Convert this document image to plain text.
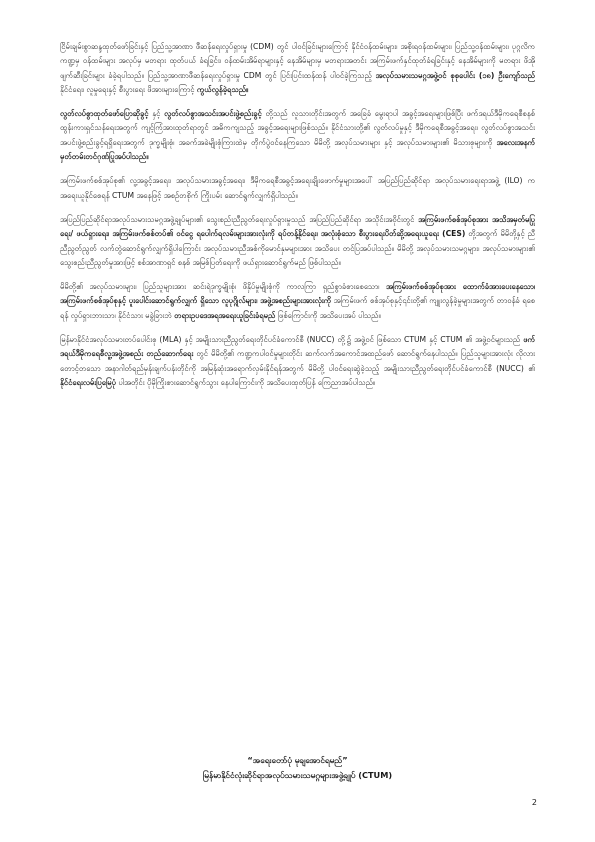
ငြိမ်းချမ်းစွာဆန္ဒထုတ်ဖော်ခြင်းနှင့် ပြည်သူ့အာဏာ ဖီဆန်ရေးလှုပ်ရှားမှု (CDM) တွင် ပါဝင်ခြင်းများကြောင့် နိုင်ငံဝန်ထမ်းများ၊ အစိုးရဝန်ထမ်းများ၊ ပြည်သူ့ဝန်ထမ်းများ၊ ပုဂ္ဂလိကကဏ္ဍမှ ဝန်ထမ်းများ အလုပ်မှ မတရား ထုတ်ပယ် ခံရခြင်း၊ ဝန်ထမ်းအိမ်ရာများနှင့် နေအိမ်များမှ မတရားအတင်း အကြမ်းဖက်နှင်ထုတ်ခံရခြင်းနှင့် နေအိမ်များကို မတရား ဖိအိုဖျက်ဆီးခြင်းများ ခံခဲ့ရပါသည်။ ပြည်သူ့အာဏာဖီဆန်ရေးလှုပ်ရှားမှု CDM တွင် ပြင်းပြင်းထန်ထန် ပါဝင်ခဲ့ကြသည့် အလုပ်သမားသမဂ္ဂအဖွဲ့ဝင် စုစုပေါင်း (၁၈) ဦးကျော်သည် နိုင်ငံရေး၊ လူမှုရေးနှင့် စီးပွားရေး ဖိအားများကြောင့် ကွယ်လွန်ခဲ့ရသည်။

လွတ်လပ်စွာထုတ်ဖော်ပြောဆိုခွင့် နှင့် လွတ်လပ်စွာအသင်းအပင်းဖွဲ့စည်းခွင့် တို့သည် လူသားတိုင်းအတွက် အခြေခံ မွေးရာပါ အခွင့်အရေးများဖြစ်ပြီး ဖက်ဒရယ်ဒီမိုကရေစီစနစ် ထွန်းကားရှင်သန်ရေးအတွက် ကျင့်ကြံအားထုတ်ရာတွင် အဓိကကျသည့် အခွင့်အရေးများဖြစ်သည်။ နိုင်ငံသားတို့၏ လွတ်လပ်မှုနှင့် ဒီမိုကရေစီအခွင့်အရေး၊ လွတ်လပ်စွာအသင်း အပင်းဖွဲ့စည်းခွင့်ရရှိရေးအတွက် ဒုက္ခမျိုးစုံ၊ အခက်အခဲမျိုးစုံကြားထဲမှ တိုက်ပွဲဝင်နေကြသော မိမိတို့ အလုပ်သမားများ နှင့် အလုပ်သမားများ၏ မိသားစုများကို အလေးအနက် မှတ်တမ်းတင်ဂုဏ်ပြုအပ်ပါသည်။

အကြမ်းဖက်စစ်အုပ်စု၏ လူ့အခွင့်အရေး၊ အလုပ်သမားအခွင့်အရေး၊ ဒီမိုကရေစီအခွင့်အရေးချိုးဖောက်မှုများအပေါ် အပြည်ပြည်ဆိုင်ရာ အလုပ်သမားရေးရာအဖွဲ့ (ILO) က အရေးယူနိုင်စေရန် CTUM အနေဖြင့် အစဉ်တစိုက် ကြိုးပမ်း ဆောင်ရွက်လျှက်ရှိပါသည်။

အပြည်ပြည်ဆိုင်ရာအလုပ်သမားသမဂ္ဂအဖွဲ့ချုပ်များ၏ သွေးစည်းညီညွတ်ရေးလှုပ်ရှားမှုသည် အပြည်ပြည်ဆိုင်ရာ အသိုင်းအဝိုင်းတွင် အကြမ်းဖက်စစ်အုပ်စုအား အသိအမှတ်မပြုရေး/ ဖယ်ရှားရေး၊ အကြမ်းဖက်စစ်တပ်၏ ဝင်ငွေ ရပေါက်ရလမ်းများအားလုံးကို ရပ်တန့်နိုင်ရေး၊ အလုံးစုံသော စီးပွားရေးပိတ်ဆို့အရေးယူရေး (CES) တို့အတွက် မိမိတို့နှင့် ညီညီညွတ်ညွတ် လက်တွဲဆောင်ရွက်လျှက်ရှိပါကြောင်း အလုပ်သမားညီအစ်ကိုမောင်နှမများအား အသိပေး တင်ပြအပ်ပါသည်။ မိမိတို့ အလုပ်သမားသမဂ္ဂများ၊ အလုပ်သမားများ၏ သွေးစည်းညီညွတ်မှုအားဖြင့် စစ်အာဏာရှင် စနစ် အမြစ်ပြတ်ရေးကို ဖယ်ရှားဆောင်ရွက်မည် ဖြစ်ပါသည်။

မိမိတို့၏ အလုပ်သမားများ၊ ပြည်သူများအား ဆင်းရဲဒုက္ခမျိုးစုံ၊ ဖိနှိပ်မှုမျိုးစုံကို ကာလကြာ ရှည်စွာခံစားစေသော၊ အကြမ်းဖက်စစ်အုပ်စုအား ထောက်ခံအားပေးနေသော၊ အကြမ်းဖက်စစ်အုပ်စုနှင့် ပူးပေါင်းဆောင်ရွက်လျှက် ရှိသော လူပုဂ္ဂိုလ်များ၊ အဖွဲ့အစည်းများအားလုံးကို အကြမ်းဖက် စစ်အုပ်စုနှင့်၎င်းတို့၏ ကျူးလွန်ခဲ့မှုများအတွက် တာဝန်ခံ ရစေရန် လှုပ်ရှားဘားသာ၊ နိုင်ငံသား မခွဲခြားဘဲ တရားဥပဒေအရအရေးယူခြင်းခံရမည် ဖြစ်ကြောင်းကို အသိပေးအပ် ပါသည်။

မြန်မာနိုင်ငံအလုပ်သမားတပ်ပေါင်းစု (MLA) နှင့် အမျိုးသားညီညွတ်ရေးတိုင်ပင်ခံကောင်စီ (NUCC) တို့၌ အဖွဲ့ဝင် ဖြစ်သော CTUM နှင့် CTUM ၏ အဖွဲ့ဝင်များသည် ဖက်ဒရယ်ဒီမိုကရေစီလူ့အဖွဲ့အစည်း တည်ဆောက်ရေး တွင် မိမိတို့၏ ကဏ္ဍကပါဝင်မှုများတိုင်း ဆက်လက်အကောင်အထည်ဖော် ဆောင်ရွက်နေပါသည်။ ပြည်သူများအားလုံး လိုလား တောင့်တသော အနာဂါတ်ရည်မှန်းချက်ပန်းတိုင်ကို အမြန်ဆုံးအရောက်လှမ်းနိုင်ရန်အတွက် မိမိတို့ ပါဝင်ရေးဆွဲခဲ့သည့် အမျိုးသားညီညွတ်ရေးတိုင်ပင်ခံကောင်စီ (NUCC) ၏ နိုင်ငံရေးလမ်းပြမြေပုံ ပါအတိုင်း ပိုမိုကြိုးစားဆောင်ရွက်သွား နေပါကြောင်းကို အသိပေးထုတ်ပြန် ကြေညာအပ်ပါသည်။

“အရေးတော်ပုံ မုချအောင်ရမည်”
မြန်မာနိုင်ငံလုံးဆိုင်ရာအလုပ်သမားသမဂ္ဂများအဖွဲ့ချုပ် (CTUM)
2
